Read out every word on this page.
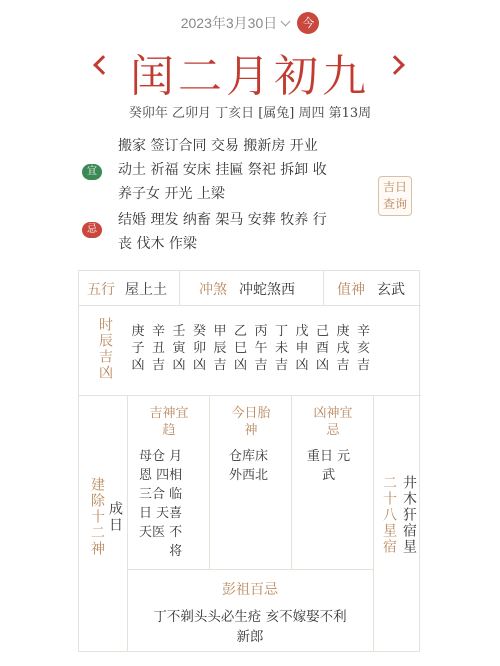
2023年3月30日 今
闰二月初九
癸卯年 乙卯月 丁亥日 [属兔] 周四 第13周
宜
搬家 签订合同 交易 搬新房 开业
动土 祈福 安床 挂匾 祭祀 拆卸 收
养子女 开光 上梁
忌
结婚 理发 纳畜 架马 安葬 牧养 行
丧 伐木 作梁
吉日
查询
五行 屋上土 冲煞 冲蛇煞西	值神 玄武
时辰吉凶 庚
子
凶
辛
丑
吉
壬
寅
凶
癸
卯
凶
甲
辰
吉
乙
巳
凶
丙
午
吉
丁
未
吉
戊
申
凶
己
酉
凶
庚
戌
吉
辛
亥
吉
建除十二神 成日
吉神宜
趋
母仓 月
恩 四相
三合 临
日 天喜
天医 不
将
今日胎
神
仓库床
外西北
凶神宜
忌
重日 元
武	二十八星宿 井木犴宿星
彭祖百忌
丁不剃头头必生疮 亥不嫁娶不利
新郎
